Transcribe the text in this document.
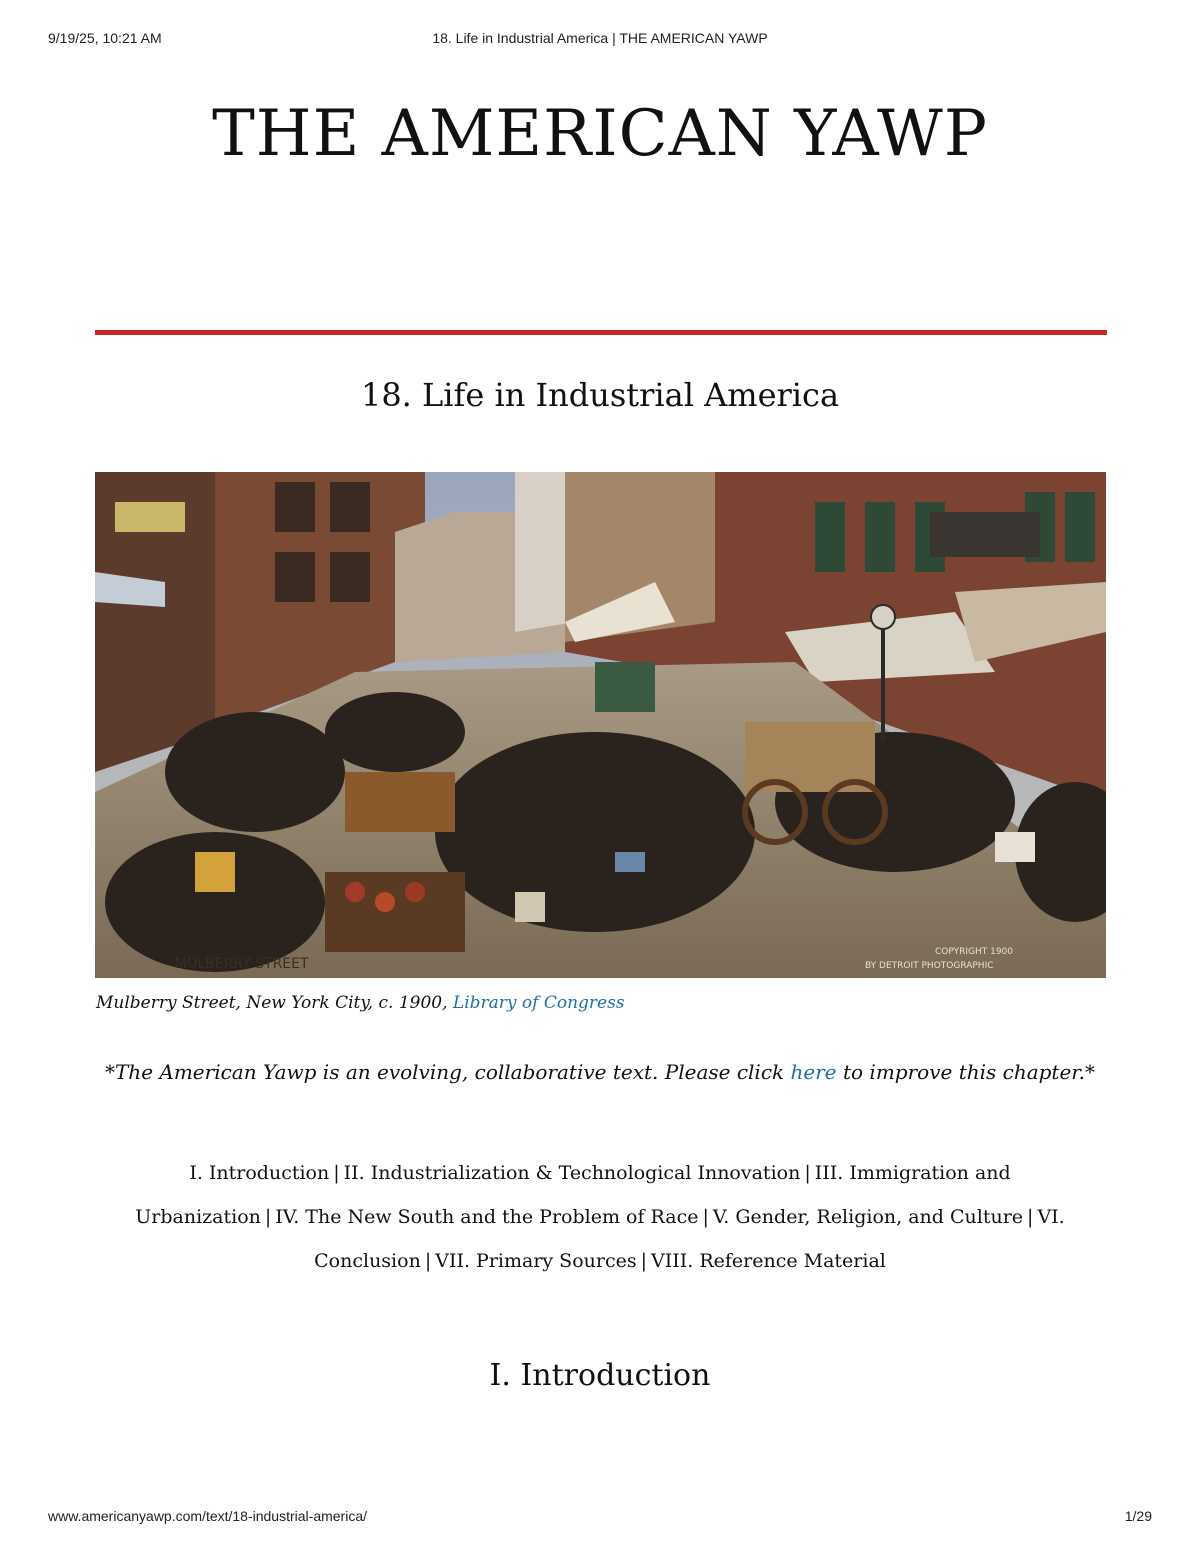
9/19/25, 10:21 AM	18. Life in Industrial America | THE AMERICAN YAWP
THE AMERICAN YAWP
18. Life in Industrial America
MULBERRY STREET
COPYRIGHT 1900
BY DETROIT PHOTOGRAPHIC
Mulberry Street, New York City, c. 1900, Library of Congress
*The American Yawp is an evolving, collaborative text. Please click here to improve this chapter.*
I. Introduction | II. Industrialization & Technological Innovation | III. Immigration and Urbanization | IV. The New South and the Problem of Race | V. Gender, Religion, and Culture | VI. Conclusion | VII. Primary Sources | VIII. Reference Material
I. Introduction
www.americanyawp.com/text/18-industrial-america/	1/29
